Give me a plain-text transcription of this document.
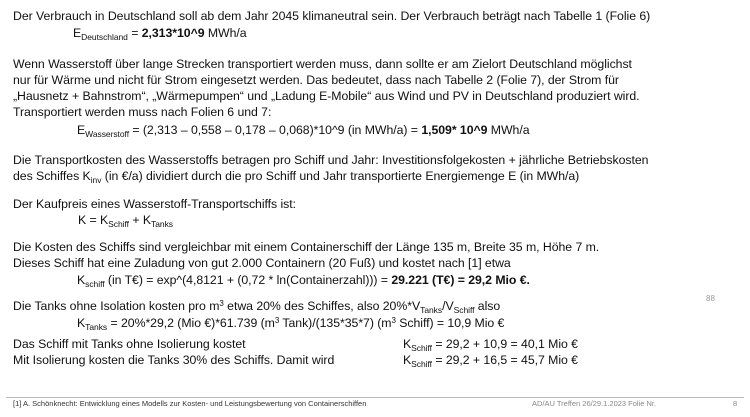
Der Verbrauch in Deutschland soll ab dem Jahr 2045 klimaneutral sein. Der Verbrauch beträgt nach Tabelle 1 (Folie 6)
$E_{Deutschland}$ = 2,313*10^9 MWh/a
Wenn Wasserstoff über lange Strecken transportiert werden muss, dann sollte er am Zielort Deutschland möglichst
nur für Wärme und nicht für Strom eingesetzt werden. Das bedeutet, dass nach Tabelle 2 (Folie 7), der Strom für
„Hausnetz + Bahnstrom“, „Wärmepumpen“ und „Ladung E-Mobile“ aus Wind und PV in Deutschland produziert wird.
Transportiert werden muss nach Folien 6 und 7:
$E_{Wasserstoff} = (2,313 - 0,558 - 0,178$ – 0,068)*10^9 (in MWh/a) = 1,509* 10^9 MWh/a
Die Transportkosten des Wasserstoffs betragen pro Schiff und Jahr: Investitionsfolgekosten + jährliche Betriebskosten
des Schiffes $K_{inv}$ (in €/a) dividiert durch die pro Schiff und Jahr transportierte Energiemenge E (in MWh/a)
Der Kaufpreis eines Wasserstoff-Transportschiffs ist:
$K = K_{Schiff} + K_{Tanks}$
Die Kosten des Schiffs sind vergleichbar mit einem Containerschiff der Länge 135 m, Breite 35 m, Höhe 7 m.
Dieses Schiff hat eine Zuladung von gut 2.000 Containern (20 Fuß) und kostet nach [1] etwa
$K_{schiff}$ (in T€) = exp^(4,8121 + (0,72 * ln(Containerzahl))) = 29.221 (T€) = 29,2 Mio €.
88
Die Tanks ohne Isolation kosten pro $m^3$ etwa 20% des Schiffes, also $20\%*V_{Tanks}/V_{Schiff}$ also
$K_{Tanks} = 20\%*29,2$ (Mio €)*61.739 ($m^3$ Tank)/(135*35*7) ($m^3$ Schiff) = 10,9 Mio €
Das Schiff mit Tanks ohne Isolierung kostet
Mit Isolierung kosten die Tanks 30% des Schiffs. Damit wird
$K_{Schiff} = 29,2 + 10,9 = 40,1$ Mio €
$K_{Schiff} = 29,2 + 16,5 = 45,7$ Mio €
[1] A. Schönknecht: Entwicklung eines Modells zur Kosten- und Leistungsbewertung von Containerschiffen	AD/AU Treffen 26/29.1.2023 Folie Nr.	8
